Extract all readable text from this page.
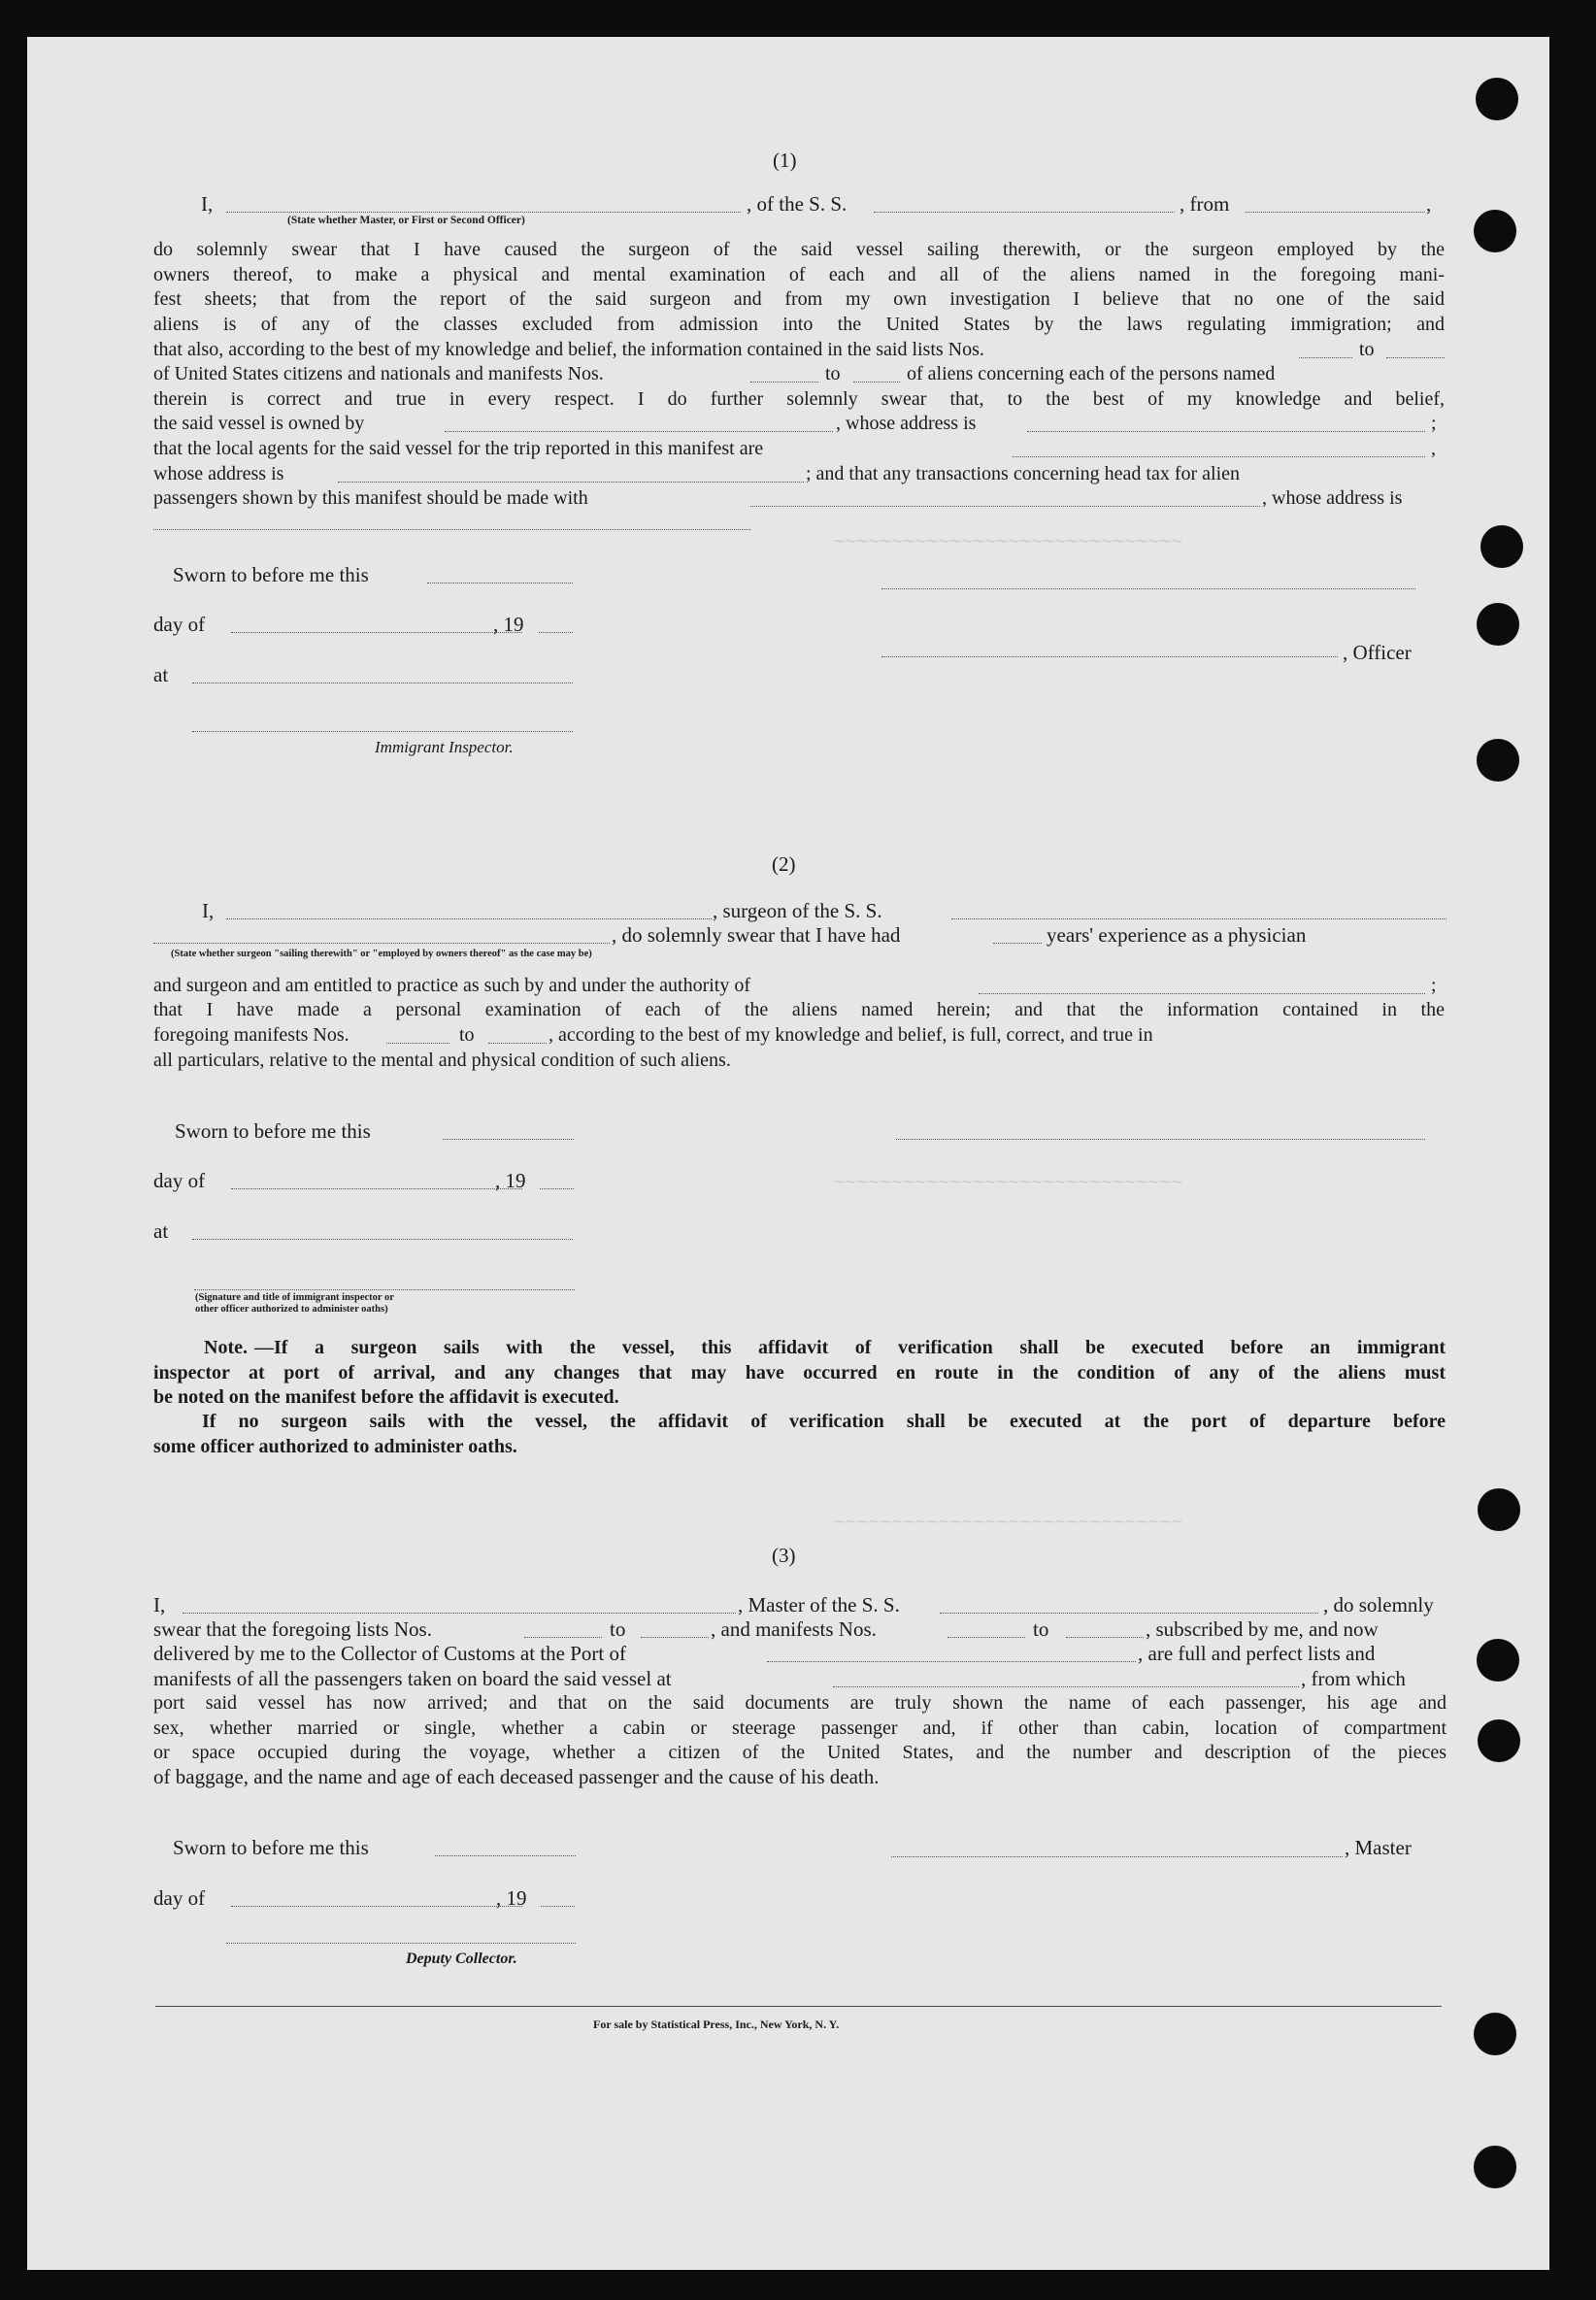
~~~~~~~~~~~~~~~~~~~~~~~~~~~~~~
~~~~~~~~~~~~~~~~~~~~~~~~~~~~~~
~~~~~~~~~~~~~~~~~~~~~~~~~~~~~~
(1)
I,	, of the S. S.	, from	,
(State whether Master, or First or Second Officer)
do solemnly swear that I have caused the surgeon of the said vessel sailing therewith, or the surgeon employed by the
owners thereof, to make a physical and mental examination of each and all of the aliens named in the foregoing mani-
fest sheets; that from the report of the said surgeon and from my own investigation I believe that no one of the said
aliens is of any of the classes excluded from admission into the United States by the laws regulating immigration; and
that also, according to the best of my knowledge and belief, the information contained in the said lists Nos.	to
of United States citizens and nationals and manifests Nos.	to	of aliens concerning each of the persons named
therein is correct and true in every respect. I do further solemnly swear that, to the best of my knowledge and belief,
the said vessel is owned by	, whose address is	;
that the local agents for the said vessel for the trip reported in this manifest are	,
whose address is	; and that any transactions concerning head tax for alien
passengers shown by this manifest should be made with	, whose address is
Sworn to before me this
day of	, 19
at
Immigrant Inspector.
, Officer
(2)
I,	, surgeon of the S. S.
, do solemnly swear that I have had	years' experience as a physician
(State whether surgeon "sailing therewith" or "employed by owners thereof" as the case may be)
and surgeon and am entitled to practice as such by and under the authority of	;
that I have made a personal examination of each of the aliens named herein; and that the information contained in the
foregoing manifests Nos.	to	, according to the best of my knowledge and belief, is full, correct, and true in
all particulars, relative to the mental and physical condition of such aliens.
Sworn to before me this
day of	, 19
at
(Signature and title of immigrant inspector or
other officer authorized to administer oaths)
Note. —If a surgeon sails with the vessel, this affidavit of verification shall be executed before an immigrant
inspector at port of arrival, and any changes that may have occurred en route in the condition of any of the aliens must
be noted on the manifest before the affidavit is executed.
If no surgeon sails with the vessel, the affidavit of verification shall be executed at the port of departure before
some officer authorized to administer oaths.
(3)
I,	, Master of the S. S.	, do solemnly
swear that the foregoing lists Nos.	to	, and manifests Nos.	to	, subscribed by me, and now
delivered by me to the Collector of Customs at the Port of	, are full and perfect lists and
manifests of all the passengers taken on board the said vessel at	, from which
port said vessel has now arrived; and that on the said documents are truly shown the name of each passenger, his age and
sex, whether married or single, whether a cabin or steerage passenger and, if other than cabin, location of compartment
or space occupied during the voyage, whether a citizen of the United States, and the number and description of the pieces
of baggage, and the name and age of each deceased passenger and the cause of his death.
Sworn to before me this
day of	, 19
Deputy Collector.
, Master
For sale by Statistical Press, Inc., New York, N. Y.
